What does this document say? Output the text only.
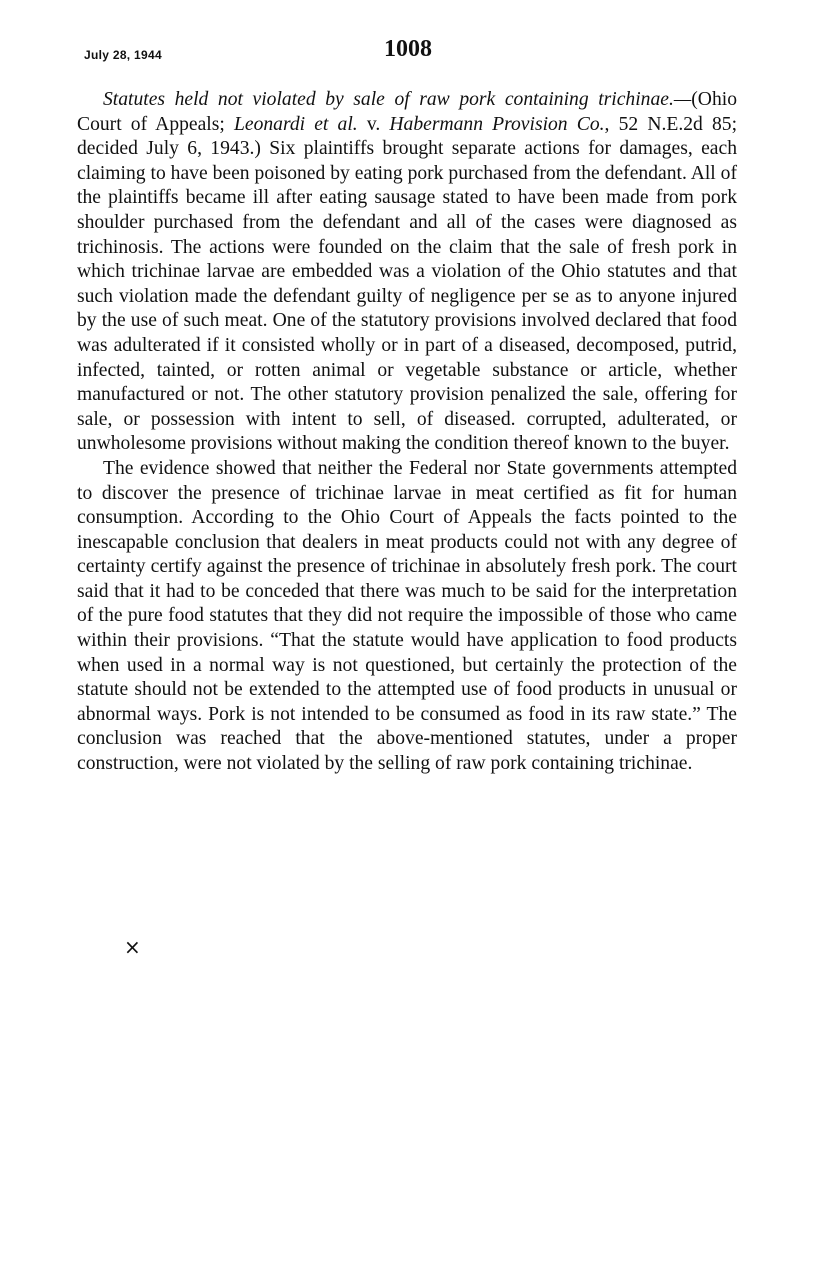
July 28, 1944	1008

Statutes held not violated by sale of raw pork containing trichinae.—(Ohio Court of Appeals; Leonardi et al. v. Habermann Provision Co., 52 N.E.2d 85; decided July 6, 1943.) Six plaintiffs brought separate actions for damages, each claiming to have been poisoned by eating pork purchased from the defendant. All of the plaintiffs became ill after eating sausage stated to have been made from pork shoulder purchased from the defendant and all of the cases were diagnosed as trichinosis. The actions were founded on the claim that the sale of fresh pork in which trichinae larvae are embedded was a violation of the Ohio statutes and that such violation made the defendant guilty of negligence per se as to anyone injured by the use of such meat. One of the statutory provisions involved declared that food was adulterated if it consisted wholly or in part of a diseased, decomposed, putrid, infected, tainted, or rotten animal or vegetable substance or article, whether manufactured or not. The other statutory provision penalized the sale, offering for sale, or possession with intent to sell, of diseased. corrupted, adulterated, or unwholesome provisions without making the condition thereof known to the buyer.

The evidence showed that neither the Federal nor State governments attempted to discover the presence of trichinae larvae in meat certified as fit for human consumption. According to the Ohio Court of Appeals the facts pointed to the inescapable conclusion that dealers in meat products could not with any degree of certainty certify against the presence of trichinae in absolutely fresh pork. The court said that it had to be conceded that there was much to be said for the interpretation of the pure food statutes that they did not require the impossible of those who came within their provisions. “That the statute would have application to food products when used in a normal way is not questioned, but certainly the protection of the statute should not be extended to the attempted use of food products in unusual or abnormal ways. Pork is not intended to be consumed as food in its raw state.” The conclusion was reached that the above-mentioned statutes, under a proper construction, were not violated by the selling of raw pork containing trichinae.

×
